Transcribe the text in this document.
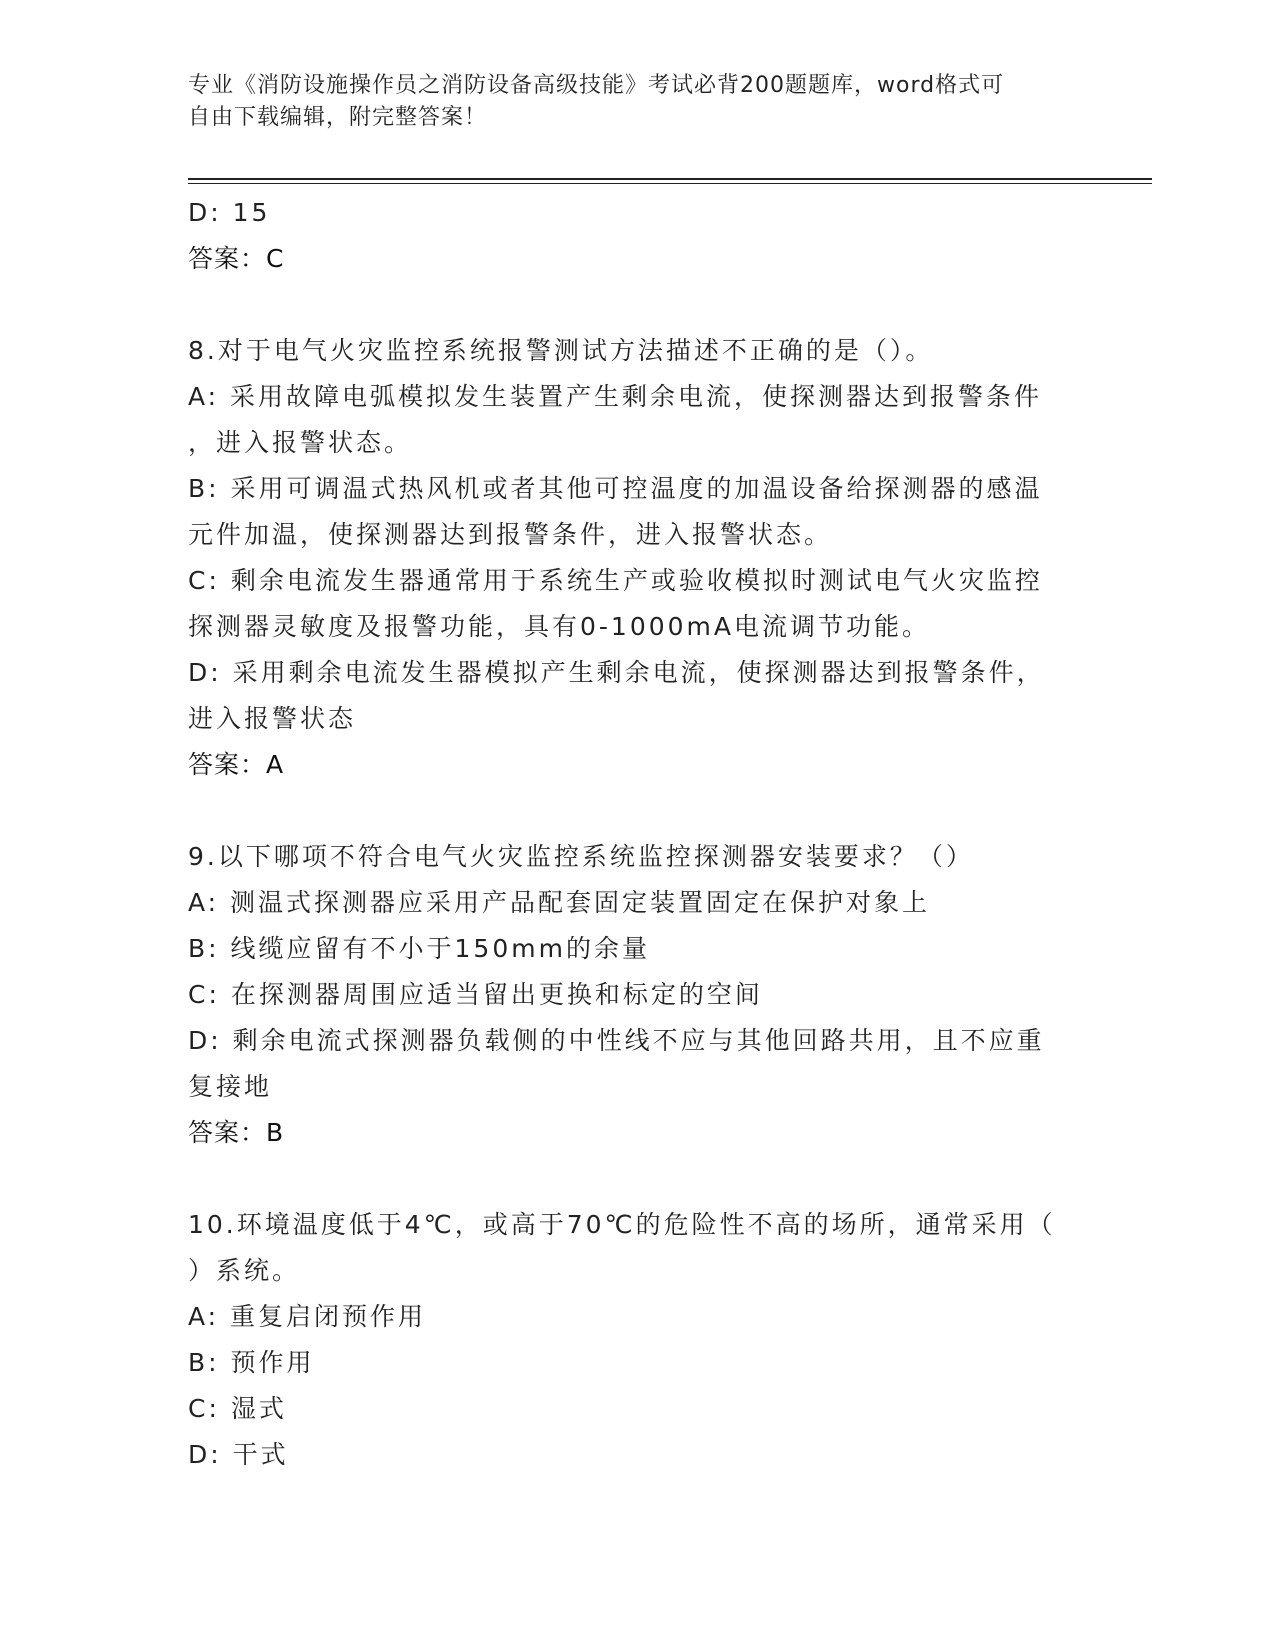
专业《消防设施操作员之消防设备高级技能》考试必背200题题库，word格式可
自由下载编辑，附完整答案！
D: 15
答案：C
8.对于电气火灾监控系统报警测试方法描述不正确的是（）。
A: 采用故障电弧模拟发生装置产生剩余电流，使探测器达到报警条件
，进入报警状态。
B: 采用可调温式热风机或者其他可控温度的加温设备给探测器的感温
元件加温，使探测器达到报警条件，进入报警状态。
C: 剩余电流发生器通常用于系统生产或验收模拟时测试电气火灾监控
探测器灵敏度及报警功能，具有0-1000mA电流调节功能。
D: 采用剩余电流发生器模拟产生剩余电流，使探测器达到报警条件，
进入报警状态
答案：A
9.以下哪项不符合电气火灾监控系统监控探测器安装要求？（）
A: 测温式探测器应采用产品配套固定装置固定在保护对象上
B: 线缆应留有不小于150mm的余量
C: 在探测器周围应适当留出更换和标定的空间
D: 剩余电流式探测器负载侧的中性线不应与其他回路共用，且不应重
复接地
答案：B
10.环境温度低于4℃，或高于70℃的危险性不高的场所，通常采用（
）系统。
A: 重复启闭预作用
B: 预作用
C: 湿式
D: 干式
